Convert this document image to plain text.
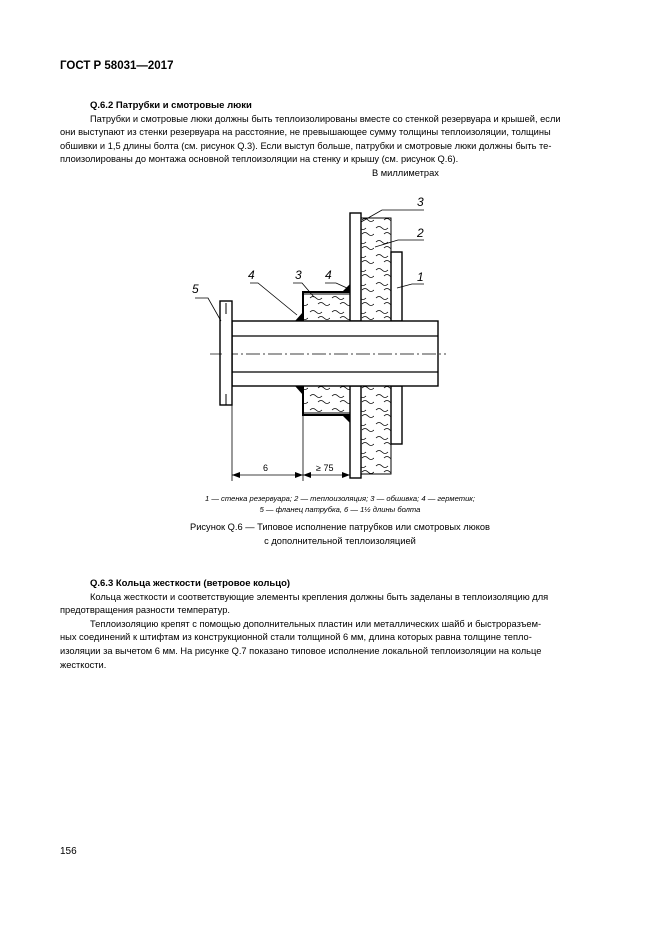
ГОСТ Р 58031—2017
Q.6.2 Патрубки и смотровые люки
Патрубки и смотровые люки должны быть теплоизолированы вместе со стенкой резервуара и крышей, если
они выступают из стенки резервуара на расстояние, не превышающее сумму толщины теплоизоляции, толщины
обшивки и 1,5 длины болта (см. рисунок Q.3). Если выступ больше, патрубки и смотровые люки должны быть те-
плоизолированы до монтажа основной теплоизоляции на стенку и крышу (см. рисунок Q.6).
В миллиметрах
3
2
1
4	3 4
5
6	≥ 75
1 — стенка резервуара; 2 — теплоизоляция; 3 — обшивка; 4 — герметик;
5 — фланец патрубка, 6 — 1½ длины болта
Рисунок Q.6 — Типовое исполнение патрубков или смотровых люков
с дополнительной теплоизоляцией
Q.6.3 Кольца жесткости (ветровое кольцо)
Кольца жесткости и соответствующие элементы крепления должны быть заделаны в теплоизоляцию для
предотвращения разности температур.
Теплоизоляцию крепят с помощью дополнительных пластин или металлических шайб и быстроразъем-
ных соединений к штифтам из конструкционной стали толщиной 6 мм, длина которых равна толщине тепло-
изоляции за вычетом 6 мм. На рисунке Q.7 показано типовое исполнение локальной теплоизоляции на кольце
жесткости.
156
